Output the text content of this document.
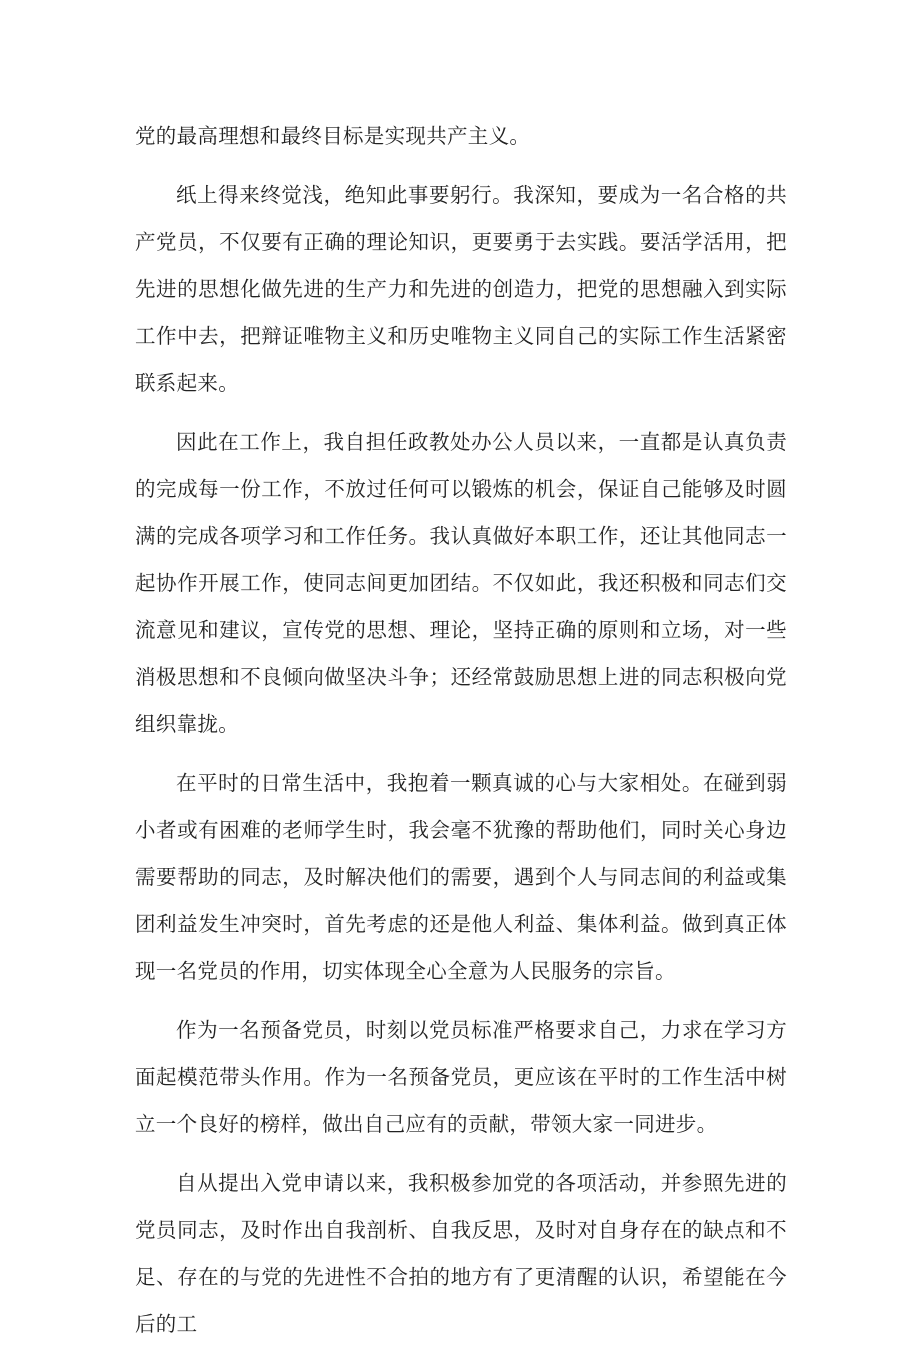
党的最高理想和最终目标是实现共产主义。

纸上得来终觉浅，绝知此事要躬行。我深知，要成为一名合格的共产党员，不仅要有正确的理论知识，更要勇于去实践。要活学活用，把先进的思想化做先进的生产力和先进的创造力，把党的思想融入到实际工作中去，把辩证唯物主义和历史唯物主义同自己的实际工作生活紧密联系起来。

因此在工作上，我自担任政教处办公人员以来，一直都是认真负责的完成每一份工作，不放过任何可以锻炼的机会，保证自己能够及时圆满的完成各项学习和工作任务。我认真做好本职工作，还让其他同志一起协作开展工作，使同志间更加团结。不仅如此，我还积极和同志们交流意见和建议，宣传党的思想、理论，坚持正确的原则和立场，对一些消极思想和不良倾向做坚决斗争；还经常鼓励思想上进的同志积极向党组织靠拢。

在平时的日常生活中，我抱着一颗真诚的心与大家相处。在碰到弱小者或有困难的老师学生时，我会毫不犹豫的帮助他们，同时关心身边需要帮助的同志，及时解决他们的需要，遇到个人与同志间的利益或集团利益发生冲突时，首先考虑的还是他人利益、集体利益。做到真正体现一名党员的作用，切实体现全心全意为人民服务的宗旨。

作为一名预备党员，时刻以党员标准严格要求自己，力求在学习方面起模范带头作用。作为一名预备党员，更应该在平时的工作生活中树立一个良好的榜样，做出自己应有的贡献，带领大家一同进步。

自从提出入党申请以来，我积极参加党的各项活动，并参照先进的党员同志，及时作出自我剖析、自我反思，及时对自身存在的缺点和不足、存在的与党的先进性不合拍的地方有了更清醒的认识，希望能在今后的工
